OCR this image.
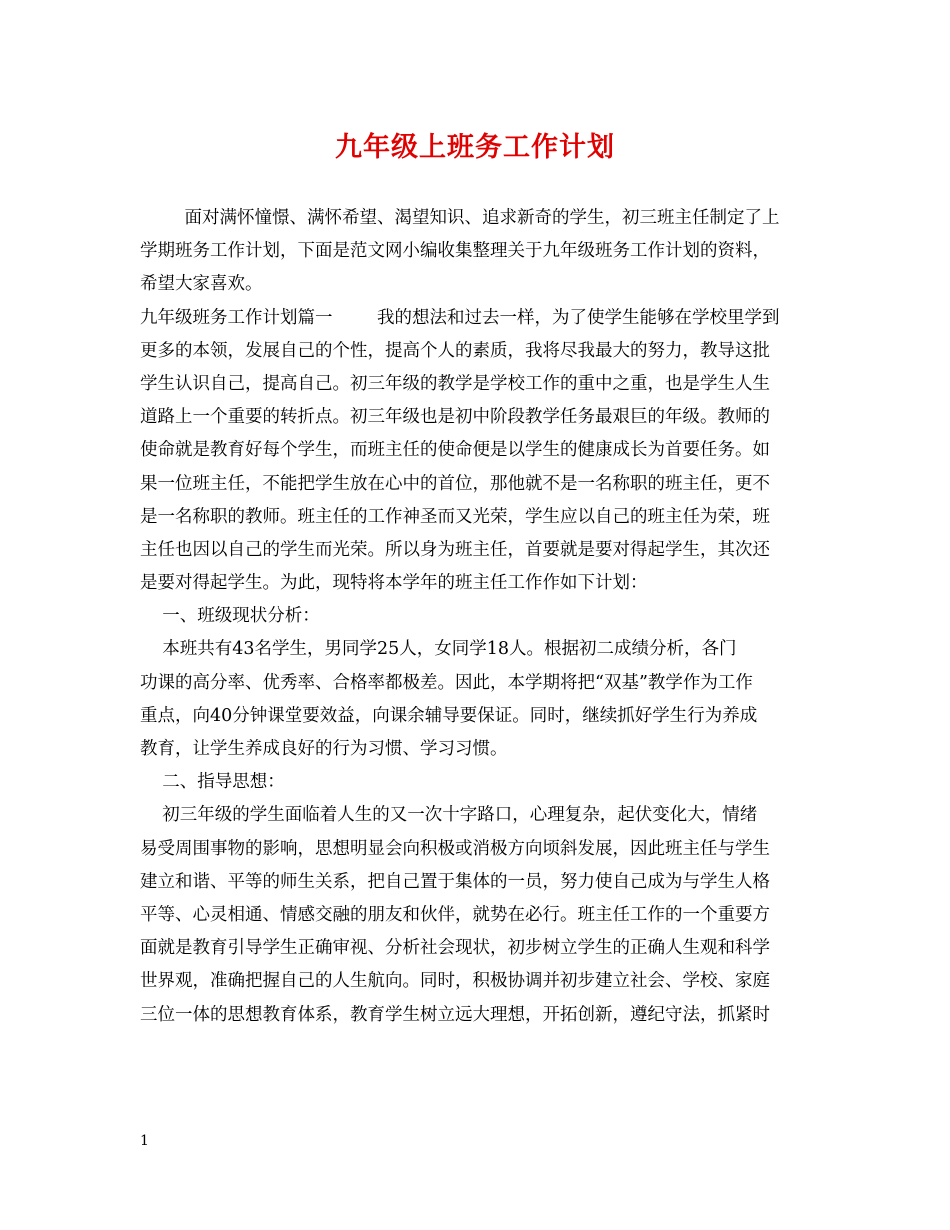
九年级上班务工作计划
面对满怀憧憬、满怀希望、渴望知识、追求新奇的学生，初三班主任制定了上
学期班务工作计划，下面是范文网小编收集整理关于九年级班务工作计划的资料，
希望大家喜欢。
九年级班务工作计划篇一        我的想法和过去一样，为了使学生能够在学校里学到
更多的本领，发展自己的个性，提高个人的素质，我将尽我最大的努力，教导这批
学生认识自己，提高自己。初三年级的教学是学校工作的重中之重，也是学生人生
道路上一个重要的转折点。初三年级也是初中阶段教学任务最艰巨的年级。教师的
使命就是教育好每个学生，而班主任的使命便是以学生的健康成长为首要任务。如
果一位班主任，不能把学生放在心中的首位，那他就不是一名称职的班主任，更不
是一名称职的教师。班主任的工作神圣而又光荣，学生应以自己的班主任为荣，班
主任也因以自己的学生而光荣。所以身为班主任，首要就是要对得起学生，其次还
是要对得起学生。为此，现特将本学年的班主任工作作如下计划：
一、班级现状分析：
本班共有43名学生，男同学25人，女同学18人。根据初二成绩分析，各门
功课的高分率、优秀率、合格率都极差。因此，本学期将把“双基”教学作为工作
重点，向40分钟课堂要效益，向课余辅导要保证。同时，继续抓好学生行为养成
教育，让学生养成良好的行为习惯、学习习惯。
二、指导思想：
初三年级的学生面临着人生的又一次十字路口，心理复杂，起伏变化大，情绪
易受周围事物的影响，思想明显会向积极或消极方向顷斜发展，因此班主任与学生
建立和谐、平等的师生关系，把自己置于集体的一员，努力使自己成为与学生人格
平等、心灵相通、情感交融的朋友和伙伴，就势在必行。班主任工作的一个重要方
面就是教育引导学生正确审视、分析社会现状，初步树立学生的正确人生观和科学
世界观，准确把握自己的人生航向。同时，积极协调并初步建立社会、学校、家庭
三位一体的思想教育体系，教育学生树立远大理想，开拓创新，遵纪守法，抓紧时
1
